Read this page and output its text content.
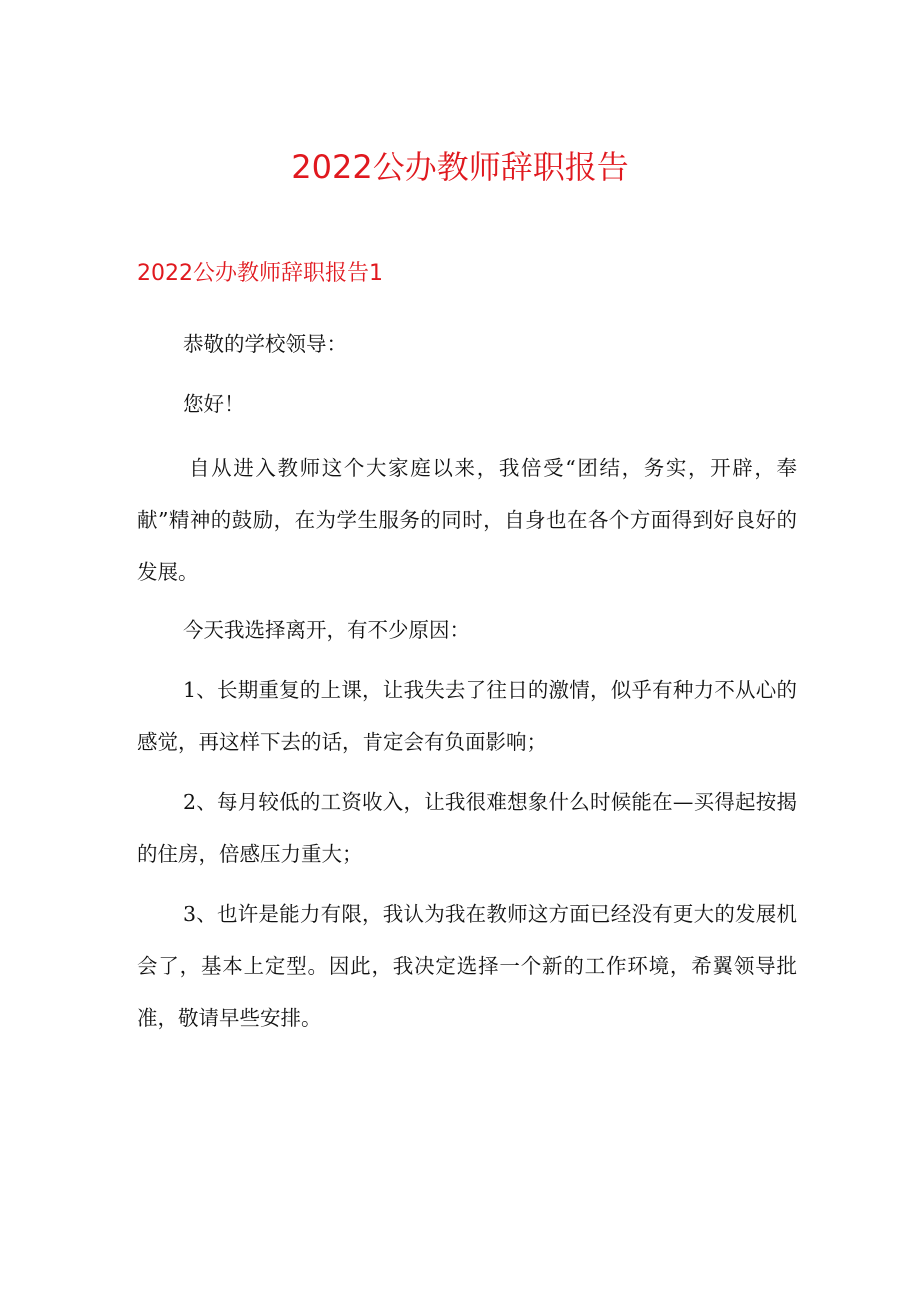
2022公办教师辞职报告
2022公办教师辞职报告1

恭敬的学校领导：

您好！

自从进入教师这个大家庭以来，我倍受“团结，务实，开辟，奉献”精神的鼓励，在为学生服务的同时，自身也在各个方面得到好良好的发展。

今天我选择离开，有不少原因：

1、长期重复的上课，让我失去了往日的激情，似乎有种力不从心的感觉，再这样下去的话，肯定会有负面影响；

2、每月较低的工资收入，让我很难想象什么时候能在—买得起按揭的住房，倍感压力重大；

3、也许是能力有限，我认为我在教师这方面已经没有更大的发展机会了，基本上定型。因此，我决定选择一个新的工作环境，希翼领导批准，敬请早些安排。
